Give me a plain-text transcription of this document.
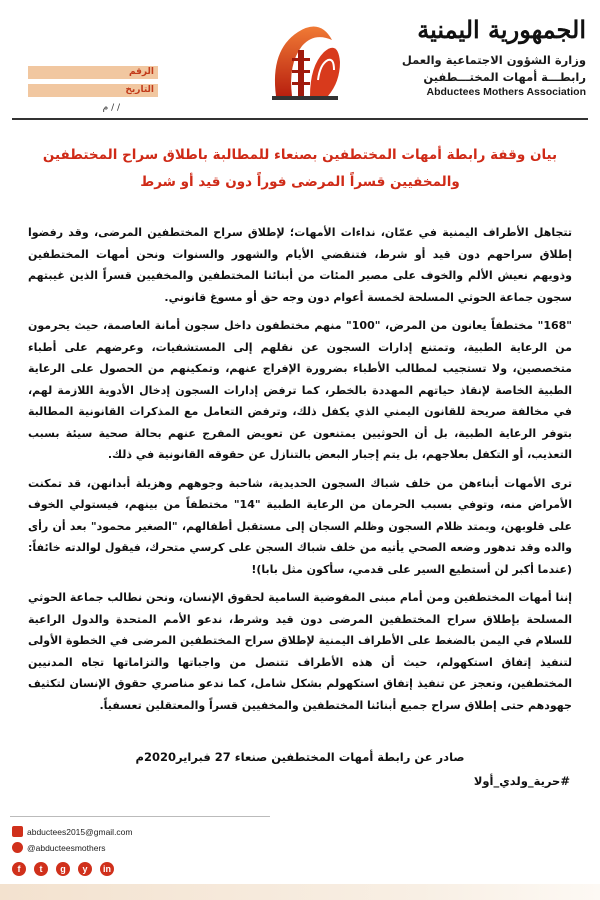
الجمهورية اليمنية
وزارة الشؤون الاجتماعية والعمل
رابطـــة أمهات المختـــطفين
Abductees Mothers Association
الرقم
التاريخ
/ / م
بيان وقفة رابطة أمهات المختطفين بصنعاء للمطالبة باطلاق سراح المختطفين والمخفيين قسراً المرضى فوراً دون قيد أو شرط

تتجاهل الأطراف اليمنية في عمّان، نداءات الأمهات؛ لإطلاق سراح المختطفين المرضى، وقد رفضوا إطلاق سراحهم دون قيد أو شرط، فتنقضي الأيام والشهور والسنوات ونحن أمهات المختطفين وذويهم نعيش الألم والخوف على مصير المئات من أبنائنا المختطفين والمخفيين قسراً الذين غيبتهم سجون جماعة الحوثي المسلحة لخمسة أعوام دون وجه حق أو مسوغ قانوني.

"168" مختطفاً يعانون من المرض، "100" منهم مختطفون داخل سجون أمانة العاصمة، حيث يحرمون من الرعاية الطبية، وتمتنع إدارات السجون عن نقلهم إلى المستشفيات، وعرضهم على أطباء متخصصين، ولا تستجيب لمطالب الأطباء بضرورة الإفراج عنهم، وتمكينهم من الحصول على الرعاية الطبية الخاصة لإنقاذ حياتهم المهددة بالخطر، كما ترفض إدارات السجون إدخال الأدوية اللازمة لهم، في مخالفة صريحة للقانون اليمني الذي يكفل ذلك، وترفض التعامل مع المذكرات القانونية المطالبة بتوفر الرعاية الطبية، بل أن الحوثيين يمتنعون عن تعويض المفرج عنهم بحالة صحية سيئة بسبب التعذيب، أو التكفل بعلاجهم، بل يتم إجبار البعض بالتنازل عن حقوقه القانونية في ذلك.

ترى الأمهات أبناءهن من خلف شباك السجون الحديدية، شاحبة وجوههم وهزيلة أبدانهن، قد تمكنت الأمراض منه، وتوفي بسبب الحرمان من الرعاية الطبية "14" مختطفاً من بينهم، فيستولي الخوف على قلوبهن، ويمتد ظلام السجون وظلم السجان إلى مستقبل أطفالهم، "الصغير محمود" بعد أن رأى والده وقد تدهور وضعه الصحي يأتيه من خلف شباك السجن على كرسي متحرك، فيقول لوالدته خائفاً: (عندما أكبر لن أستطيع السير على قدمي، سأكون مثل بابا)!

إننا أمهات المختطفين ومن أمام مبنى المفوضية السامية لحقوق الإنسان، ونحن نطالب جماعة الحوثي المسلحة بإطلاق سراح المختطفين المرضى دون قيد وشرط، ندعو الأمم المتحدة والدول الراعية للسلام في اليمن بالضغط على الأطراف اليمنية لإطلاق سراح المختطفين المرضى في الخطوة الأولى لتنفيذ إتفاق استكهولم، حيث أن هذه الأطراف تتنصل من واجباتها والتزاماتها تجاه المدنيين المختطفين، وتعجز عن تنفيذ إتفاق استكهولم بشكل شامل، كما ندعو مناصري حقوق الإنسان لتكثيف جهودهم حتى إطلاق سراح جميع أبنائنا المختطفين والمخفيين قسراً والمعتقلين تعسفياً.

صادر عن رابطة أمهات المختطفين صنعاء 27 فبراير2020م
#حرية_ولدي_أولا
abductees2015@gmail.com
@abducteesmothers
f	t	g	y	in
